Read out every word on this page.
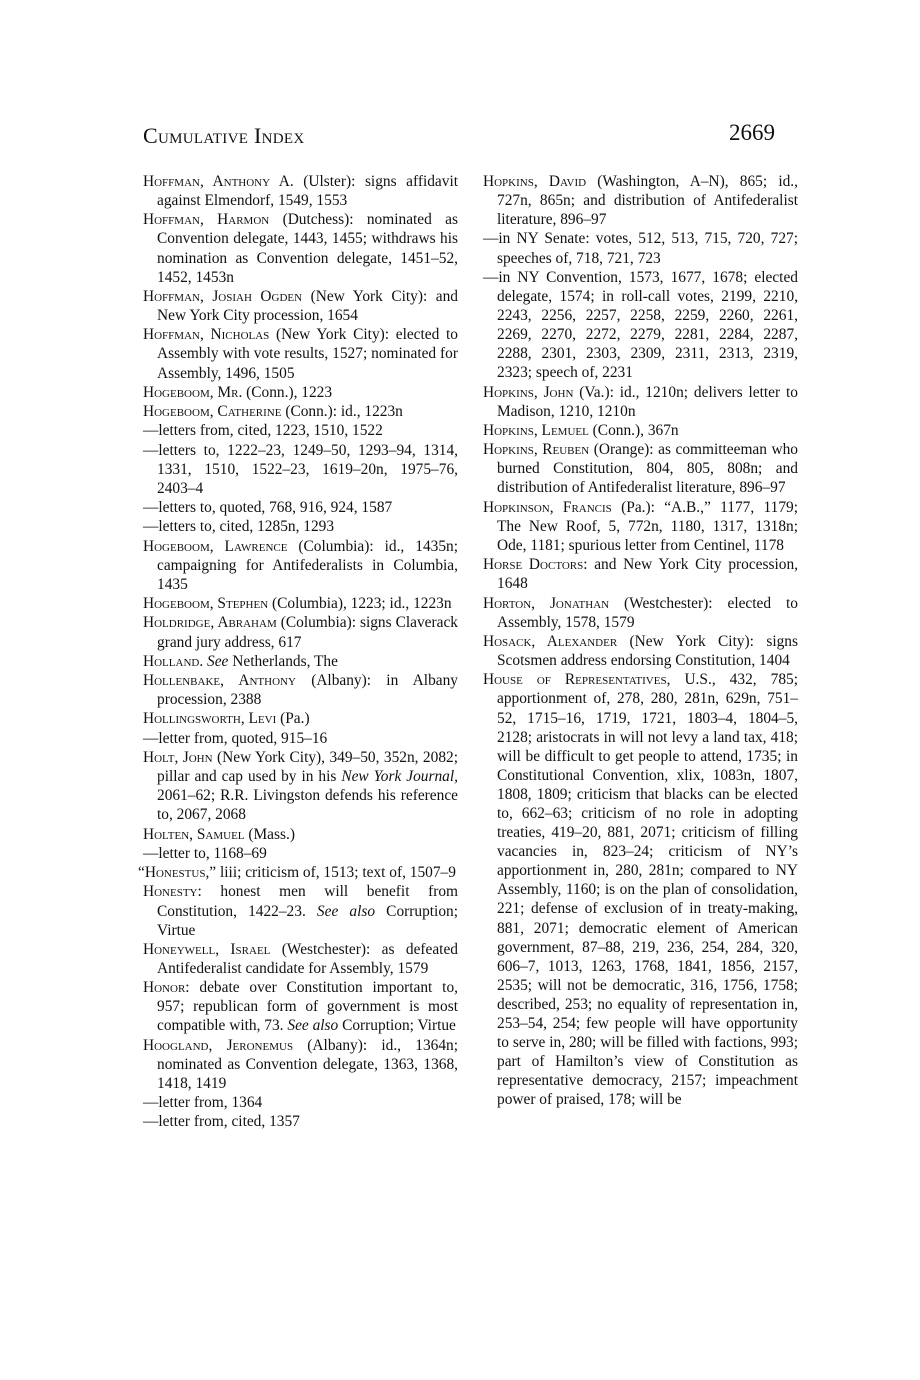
Cumulative Index	2669

Hoffman, Anthony A. (Ulster): signs affidavit against Elmendorf, 1549, 1553

Hoffman, Harmon (Dutchess): nominated as Convention delegate, 1443, 1455; withdraws his nomination as Convention delegate, 1451–52, 1452, 1453n

Hoffman, Josiah Ogden (New York City): and New York City procession, 1654

Hoffman, Nicholas (New York City): elected to Assembly with vote results, 1527; nominated for Assembly, 1496, 1505

Hogeboom, Mr. (Conn.), 1223

Hogeboom, Catherine (Conn.): id., 1223n

—letters from, cited, 1223, 1510, 1522

—letters to, 1222–23, 1249–50, 1293–94, 1314, 1331, 1510, 1522–23, 1619–20n, 1975–76, 2403–4

—letters to, quoted, 768, 916, 924, 1587

—letters to, cited, 1285n, 1293

Hogeboom, Lawrence (Columbia): id., 1435n; campaigning for Antifederalists in Columbia, 1435

Hogeboom, Stephen (Columbia), 1223; id., 1223n

Holdridge, Abraham (Columbia): signs Claverack grand jury address, 617

Holland. See Netherlands, The

Hollenbake, Anthony (Albany): in Albany procession, 2388

Hollingsworth, Levi (Pa.)

—letter from, quoted, 915–16

Holt, John (New York City), 349–50, 352n, 2082; pillar and cap used by in his New York Journal, 2061–62; R.R. Livingston defends his reference to, 2067, 2068

Holten, Samuel (Mass.)

—letter to, 1168–69

“Honestus,” liii; criticism of, 1513; text of, 1507–9

Honesty: honest men will benefit from Constitution, 1422–23. See also Corruption; Virtue

Honeywell, Israel (Westchester): as defeated Antifederalist candidate for Assembly, 1579

Honor: debate over Constitution important to, 957; republican form of government is most compatible with, 73. See also Corruption; Virtue

Hoogland, Jeronemus (Albany): id., 1364n; nominated as Convention delegate, 1363, 1368, 1418, 1419

—letter from, 1364

—letter from, cited, 1357

Hopkins, David (Washington, A–N), 865; id., 727n, 865n; and distribution of Antifederalist literature, 896–97

—in NY Senate: votes, 512, 513, 715, 720, 727; speeches of, 718, 721, 723

—in NY Convention, 1573, 1677, 1678; elected delegate, 1574; in roll-call votes, 2199, 2210, 2243, 2256, 2257, 2258, 2259, 2260, 2261, 2269, 2270, 2272, 2279, 2281, 2284, 2287, 2288, 2301, 2303, 2309, 2311, 2313, 2319, 2323; speech of, 2231

Hopkins, John (Va.): id., 1210n; delivers letter to Madison, 1210, 1210n

Hopkins, Lemuel (Conn.), 367n

Hopkins, Reuben (Orange): as committeeman who burned Constitution, 804, 805, 808n; and distribution of Antifederalist literature, 896–97

Hopkinson, Francis (Pa.): “A.B.,” 1177, 1179; The New Roof, 5, 772n, 1180, 1317, 1318n; Ode, 1181; spurious letter from Centinel, 1178

Horse Doctors: and New York City procession, 1648

Horton, Jonathan (Westchester): elected to Assembly, 1578, 1579

Hosack, Alexander (New York City): signs Scotsmen address endorsing Constitution, 1404

House of Representatives, U.S., 432, 785; apportionment of, 278, 280, 281n, 629n, 751–52, 1715–16, 1719, 1721, 1803–4, 1804–5, 2128; aristocrats in will not levy a land tax, 418; will be difficult to get people to attend, 1735; in Constitutional Convention, xlix, 1083n, 1807, 1808, 1809; criticism that blacks can be elected to, 662–63; criticism of no role in adopting treaties, 419–20, 881, 2071; criticism of filling vacancies in, 823–24; criticism of NY’s apportionment in, 280, 281n; compared to NY Assembly, 1160; is on the plan of consolidation, 221; defense of exclusion of in treaty-making, 881, 2071; democratic element of American government, 87–88, 219, 236, 254, 284, 320, 606–7, 1013, 1263, 1768, 1841, 1856, 2157, 2535; will not be democratic, 316, 1756, 1758; described, 253; no equality of representation in, 253–54, 254; few people will have opportunity to serve in, 280; will be filled with factions, 993; part of Hamilton’s view of Constitution as representative democracy, 2157; impeachment power of praised, 178; will be
